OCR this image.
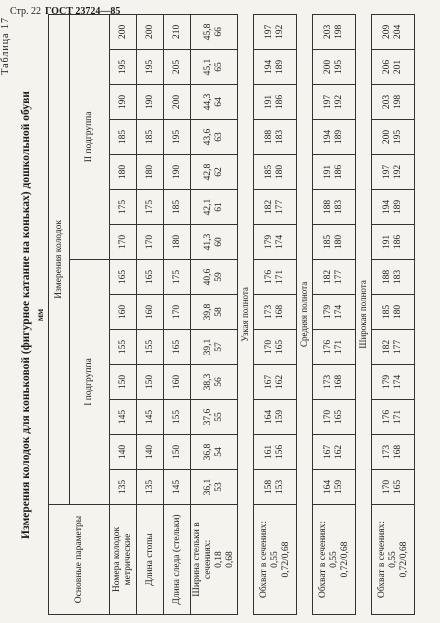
Стр. 22 ГОСТ 23724—85
Измерения колодок для коньковой (фигурное катание на коньках) дошкольной обуви
Таблица 17
мм
Основные параметры	Измерения колодок													
	I подгруппа							II подгруппа						
Номера колодок метрические	135	140	145	150	155	160	165	170	175	180	185	190	195	200
Длина стопы	135	140	145	150	155	160	165	170	175	180	185	190	195	200
Длина следа (стельки)	145	150	155	160	165	170	175	180	185	190	195	200	205	210

Ширина стельки в сечениях: 0,18 0,68	36,1 53	36,8 54	37,6 55	38,3 56	39,1 57	39,8 58	40,6 59	41,3 60	42,1 61	42,8 62	43,6 63	44,3 64	45,1 65	45,8 66

Узкая полнота														

Обхват в сечениях: 0,55 0,72/0,68	158 153	161 156	164 159	167 162	170 165	173 168	176 171	179 174	182 177	185 180	188 183	191 186	194 189	197 192

Средняя полнота														

Обхват в сечениях: 0,55 0,72/0,68	164 159	167 162	170 165	173 168	176 171	179 174	182 177	185 180	188 183	191 186	194 189	197 192	200 195	203 198

Широкая полнота														

Обхват в сечениях: 0,55 0,72/0,68	170 165	173 168	176 171	179 174	182 177	185 180	188 183	191 186	194 189	197 192	200 195	203 198	206 201	209 204
